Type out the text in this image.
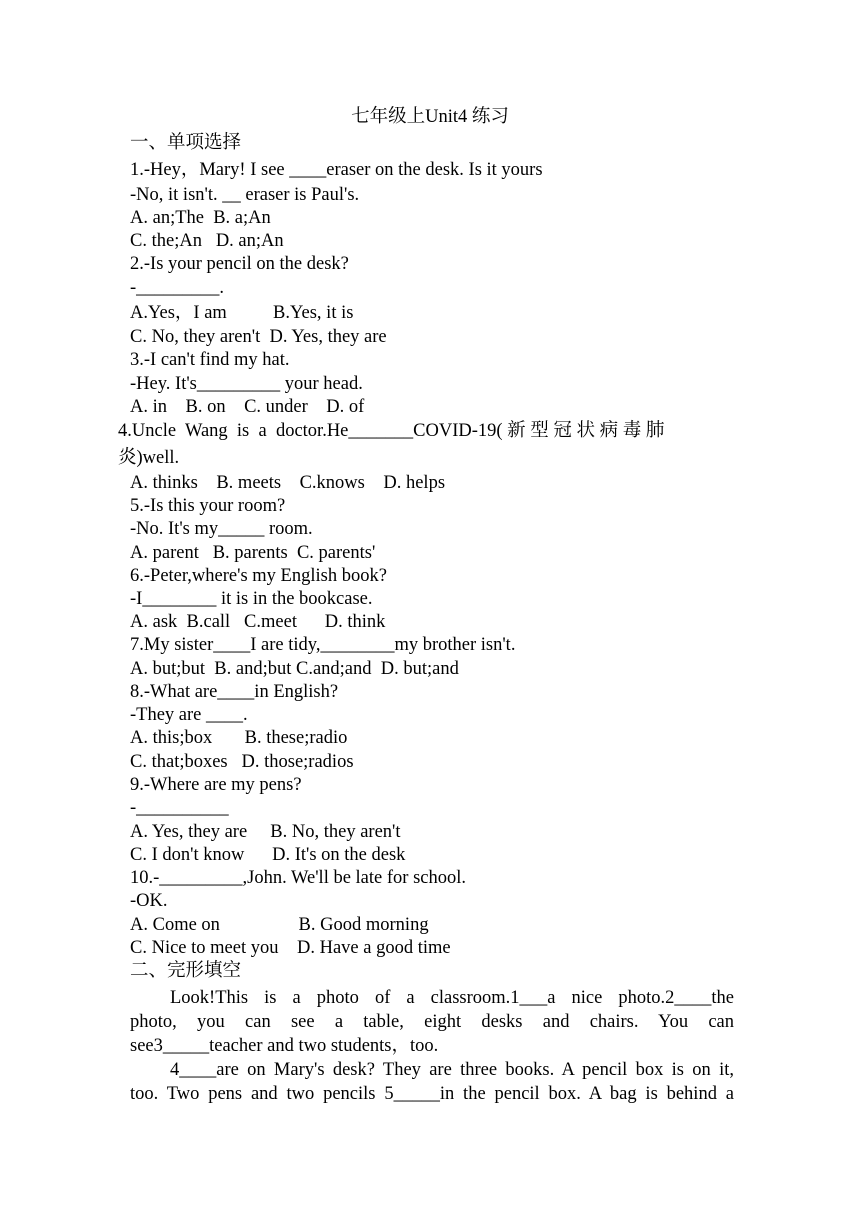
七年级上Unit4 练习
一、单项选择
1.-Hey，Mary! I see ____eraser on the desk. Is it yours
-No, it isn't. __ eraser is Paul's.
A. an;The  B. a;An
C. the;An   D. an;An
2.-Is your pencil on the desk?
-_________.
A.Yes，I am          B.Yes, it is
C. No, they aren't  D. Yes, they are
3.-I can't find my hat.
-Hey. It's_________ your head.
A. in    B. on    C. under    D. of
4.Uncle  Wang  is  a  doctor.He_______COVID-19( 新 型 冠 状 病 毒 肺
炎)well.
A. thinks    B. meets    C.knows    D. helps
5.-Is this your room?
-No. It's my_____ room.
A. parent   B. parents  C. parents'
6.-Peter,where's my English book?
-I________ it is in the bookcase.
A. ask  B.call   C.meet      D. think
7.My sister____I are tidy,________my brother isn't.
A. but;but  B. and;but C.and;and  D. but;and
8.-What are____in English?
-They are ____.
A. this;box       B. these;radio
C. that;boxes   D. those;radios
9.-Where are my pens?
-__________
A. Yes, they are     B. No, they aren't
C. I don't know      D. It's on the desk
10.-_________,John. We'll be late for school.
-OK.
A. Come on                 B. Good morning
C. Nice to meet you    D. Have a good time
二、完形填空
Look!This is a photo of a classroom.1___a nice photo.2____the
photo, you can see a table, eight desks and chairs. You can
see3_____teacher and two students，too.
4____are on Mary's desk? They are three books. A pencil box is on it,
too. Two pens and two pencils 5_____in the pencil box. A bag is behind a
